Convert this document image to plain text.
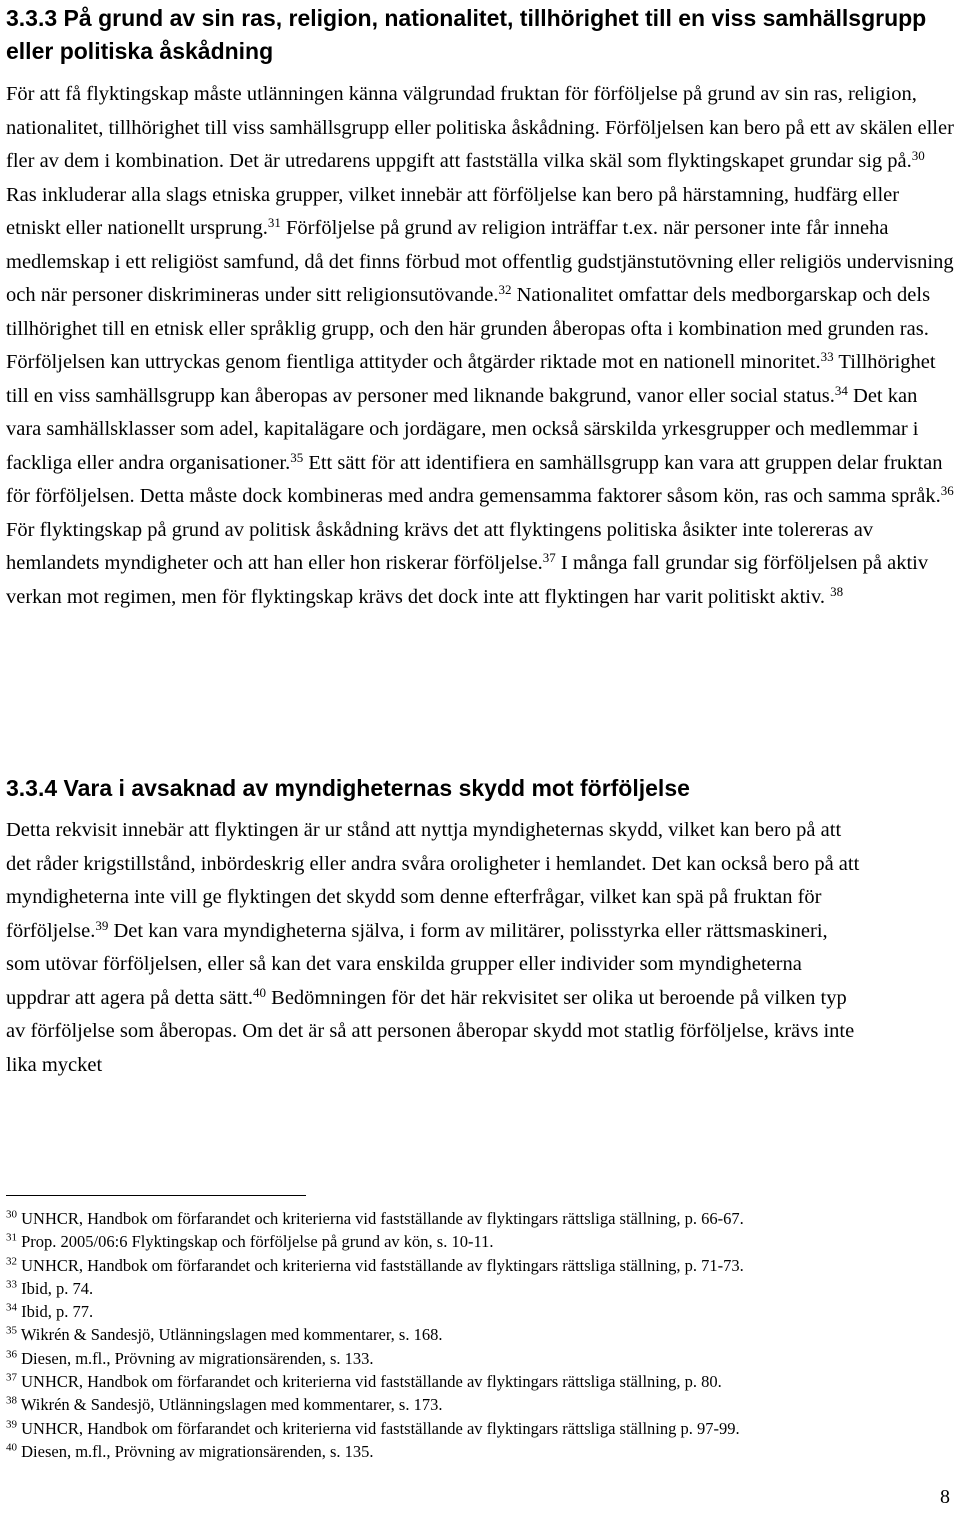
3.3.3 På grund av sin ras, religion, nationalitet, tillhörighet till en viss samhällsgrupp eller politiska åskådning

För att få flyktingskap måste utlänningen känna välgrundad fruktan för förföljelse på grund av sin ras, religion, nationalitet, tillhörighet till viss samhällsgrupp eller politiska åskådning. Förföljelsen kan bero på ett av skälen eller fler av dem i kombination. Det är utredarens uppgift att fastställa vilka skäl som flyktingskapet grundar sig på.$^{30}$ Ras inkluderar alla slags etniska grupper, vilket innebär att förföljelse kan bero på härstamning, hudfärg eller etniskt eller nationellt ursprung.$^{31}$ Förföljelse på grund av religion inträffar t.ex. när personer inte får inneha medlemskap i ett religiöst samfund, då det finns förbud mot offentlig gudstjänstutövning eller religiös undervisning och när personer diskrimineras under sitt religionsutövande.$^{32}$ Nationalitet omfattar dels medborgarskap och dels tillhörighet till en etnisk eller språklig grupp, och den här grunden åberopas ofta i kombination med grunden ras. Förföljelsen kan uttryckas genom fientliga attityder och åtgärder riktade mot en nationell minoritet.$^{33}$ Tillhörighet till en viss samhällsgrupp kan åberopas av personer med liknande bakgrund, vanor eller social status.$^{34}$ Det kan vara samhällsklasser som adel, kapitalägare och jordägare, men också särskilda yrkesgrupper och medlemmar i fackliga eller andra organisationer.$^{35}$ Ett sätt för att identifiera en samhällsgrupp kan vara att gruppen delar fruktan för förföljelsen. Detta måste dock kombineras med andra gemensamma faktorer såsom kön, ras och samma språk.$^{36}$ För flyktingskap på grund av politisk åskådning krävs det att flyktingens politiska åsikter inte tolereras av hemlandets myndigheter och att han eller hon riskerar förföljelse.$^{37}$ I många fall grundar sig förföljelsen på aktiv verkan mot regimen, men för flyktingskap krävs det dock inte att flyktingen har varit politiskt aktiv. $^{38}$

3.3.4 Vara i avsaknad av myndigheternas skydd mot förföljelse

Detta rekvisit innebär att flyktingen är ur stånd att nyttja myndigheternas skydd, vilket kan bero på att det råder krigstillstånd, inbördeskrig eller andra svåra oroligheter i hemlandet. Det kan också bero på att myndigheterna inte vill ge flyktingen det skydd som denne efterfrågar, vilket kan spä på fruktan för förföljelse.$^{39}$ Det kan vara myndigheterna själva, i form av militärer, polisstyrka eller rättsmaskineri, som utövar förföljelsen, eller så kan det vara enskilda grupper eller individer som myndigheterna uppdrar att agera på detta sätt.$^{40}$ Bedömningen för det här rekvisitet ser olika ut beroende på vilken typ av förföljelse som åberopas. Om det är så att personen åberopar skydd mot statlig förföljelse, krävs inte lika mycket

$^{30}$ UNHCR, Handbok om förfarandet och kriterierna vid fastställande av flyktingars rättsliga ställning, p. 66-67.
$^{31}$ Prop. 2005/06:6 Flyktingskap och förföljelse på grund av kön, s. 10-11.
$^{32}$ UNHCR, Handbok om förfarandet och kriterierna vid fastställande av flyktingars rättsliga ställning, p. 71-73.
$^{33}$ Ibid, p. 74.
$^{34}$ Ibid, p. 77.
$^{35}$ Wikrén & Sandesjö, Utlänningslagen med kommentarer, s. 168.
$^{36}$ Diesen, m.fl., Prövning av migrationsärenden, s. 133.
$^{37}$ UNHCR, Handbok om förfarandet och kriterierna vid fastställande av flyktingars rättsliga ställning, p. 80.
$^{38}$ Wikrén & Sandesjö, Utlänningslagen med kommentarer, s. 173.
$^{39}$ UNHCR, Handbok om förfarandet och kriterierna vid fastställande av flyktingars rättsliga ställning p. 97-99.
$^{40}$ Diesen, m.fl., Prövning av migrationsärenden, s. 135.
8
